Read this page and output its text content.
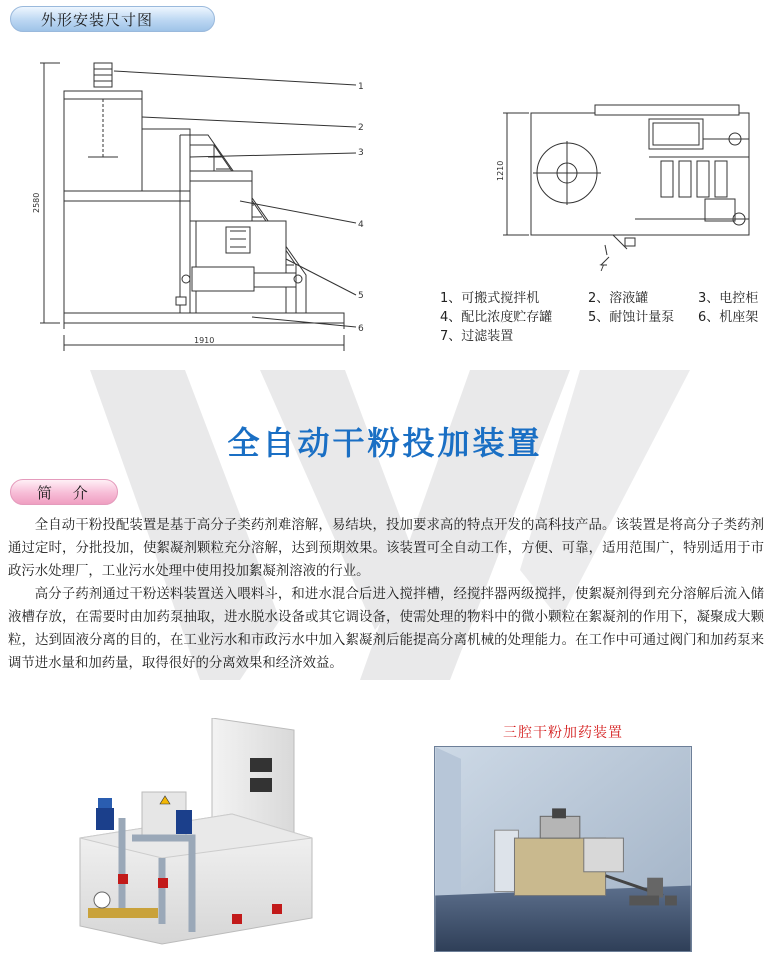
外形安装尺寸图
1
2
3
4
5
6
2580
1910
1210
7
1、可搬式搅拌机	2、溶液罐	3、电控柜
4、配比浓度贮存罐	5、耐蚀计量泵 6、机座架
7、过滤装置
全自动干粉投加装置
简 介

全自动干粉投配装置是基于高分子类药剂难溶解，易结块，投加要求高的特点开发的高科技产品。该装置是将高分子类药剂通过定时，分批投加，使絮凝剂颗粒充分溶解，达到预期效果。该装置可全自动工作，方便、可靠，适用范围广，特别适用于市政污水处理厂，工业污水处理中使用投加絮凝剂溶液的行业。

高分子药剂通过干粉送料装置送入喂料斗，和进水混合后进入搅拌槽，经搅拌器两级搅拌，使絮凝剂得到充分溶解后流入储液槽存放，在需要时由加药泵抽取，进水脱水设备或其它调设备，使需处理的物料中的微小颗粒在絮凝剂的作用下，凝聚成大颗粒，达到固液分离的目的，在工业污水和市政污水中加入絮凝剂后能提高分离机械的处理能力。在工作中可通过阀门和加药泵来调节进水量和加药量，取得很好的分离效果和经济效益。

三腔干粉加药装置
